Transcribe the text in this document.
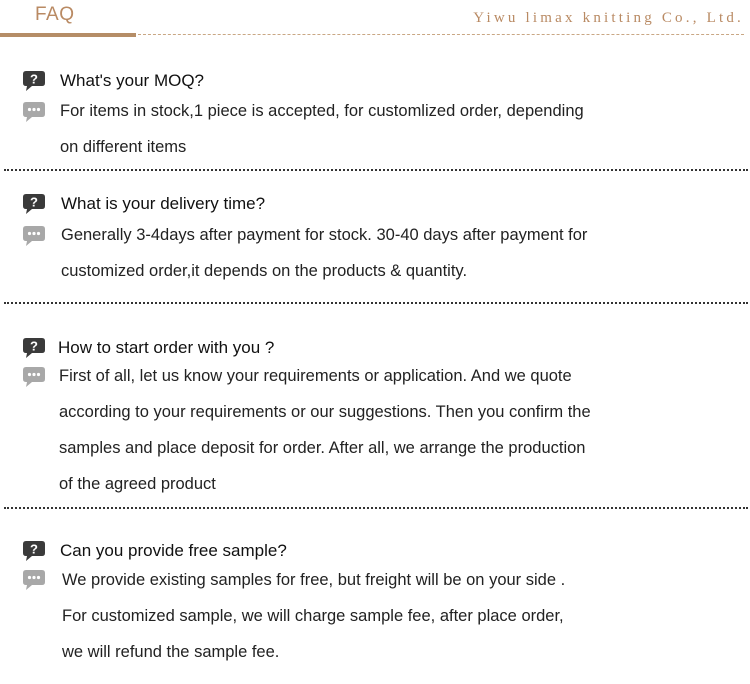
FAQ	Yiwu limax knitting Co., Ltd.
? What's your MOQ?
For items in stock,1 piece is accepted, for customlized order, depending
on different items
? What is your delivery time?
Generally 3-4days after payment for stock. 30-40 days after payment for
customized order,it depends on the products & quantity.
? How to start order with you ?
First of all, let us know your requirements or application. And we quote
according to your requirements or our suggestions. Then you confirm the
samples and place deposit for order. After all, we arrange the production
of the agreed product
? Can you provide free sample?
We provide existing samples for free, but freight will be on your side .
For customized sample, we will charge sample fee, after place order,
we will refund the sample fee.
